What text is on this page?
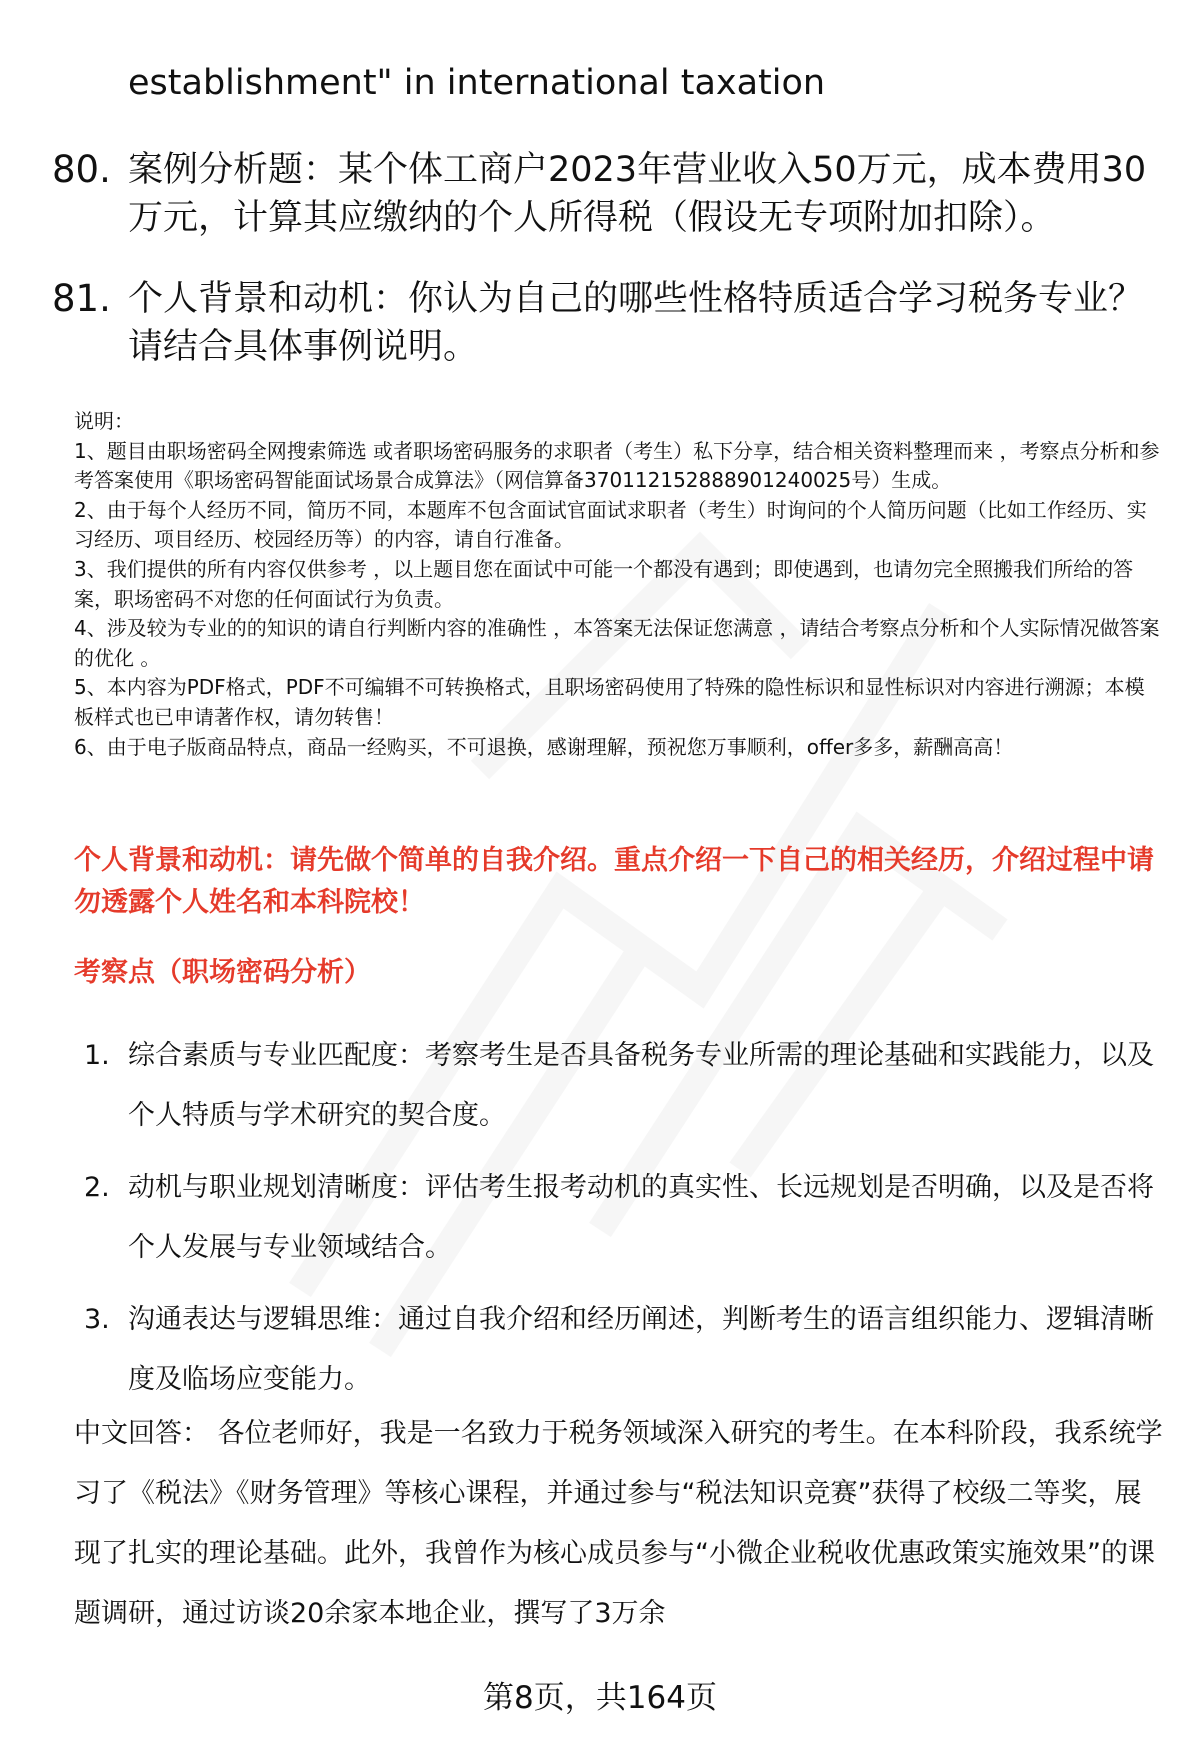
establishment" in international taxation
80. 案例分析题：某个体工商户2023年营业收入50万元，成本费用30万元，计算其应缴纳的个人所得税（假设无专项附加扣除）。
81. 个人背景和动机：你认为自己的哪些性格特质适合学习税务专业？请结合具体事例说明。

说明：

1、题目由职场密码全网搜索筛选 或者职场密码服务的求职者（考生）私下分享，结合相关资料整理而来 ，考察点分析和参考答案使用《职场密码智能面试场景合成算法》（网信算备370112152888901240025号）生成。

2、由于每个人经历不同，简历不同，本题库不包含面试官面试求职者（考生）时询问的个人简历问题（比如工作经历、实习经历、项目经历、校园经历等）的内容，请自行准备。

3、我们提供的所有内容仅供参考 ，以上题目您在面试中可能一个都没有遇到；即使遇到，也请勿完全照搬我们所给的答案，职场密码不对您的任何面试行为负责。

4、涉及较为专业的的知识的请自行判断内容的准确性 ，本答案无法保证您满意 ，请结合考察点分析和个人实际情况做答案的优化 。

5、本内容为PDF格式，PDF不可编辑不可转换格式，且职场密码使用了特殊的隐性标识和显性标识对内容进行溯源；本模板样式也已申请著作权，请勿转售！

6、由于电子版商品特点，商品一经购买，不可退换，感谢理解，预祝您万事顺利，offer多多，薪酬高高！

个人背景和动机：请先做个简单的自我介绍。重点介绍一下自己的相关经历，介绍过程中请勿透露个人姓名和本科院校！
考察点（职场密码分析）
1. 综合素质与专业匹配度：考察考生是否具备税务专业所需的理论基础和实践能力，以及个人特质与学术研究的契合度。
2. 动机与职业规划清晰度：评估考生报考动机的真实性、长远规划是否明确，以及是否将个人发展与专业领域结合。
3. 沟通表达与逻辑思维：通过自我介绍和经历阐述，判断考生的语言组织能力、逻辑清晰度及临场应变能力。

中文回答： 各位老师好，我是一名致力于税务领域深入研究的考生。在本科阶段，我系统学习了《税法》《财务管理》等核心课程，并通过参与“税法知识竞赛”获得了校级二等奖，展现了扎实的理论基础。此外，我曾作为核心成员参与“小微企业税收优惠政策实施效果”的课题调研，通过访谈20余家本地企业，撰写了3万余

第8页，共164页
